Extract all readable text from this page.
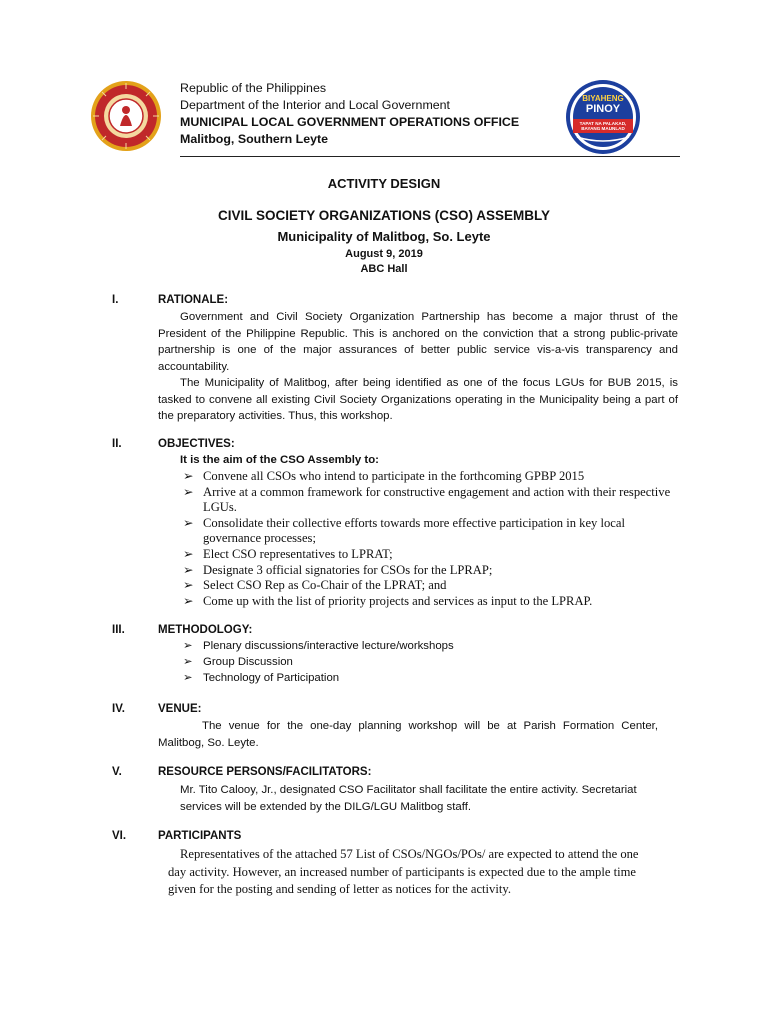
Republic of the Philippines
Department of the Interior and Local Government
MUNICIPAL LOCAL GOVERNMENT OPERATIONS OFFICE
Malitbog, Southern Leyte
BIYAHENG
PINOY
TAPAT NA PALAKAD, BAYANG MAUNLAD
ACTIVITY DESIGN
CIVIL SOCIETY ORGANIZATIONS (CSO) ASSEMBLY
Municipality of Malitbog, So. Leyte
August 9, 2019
ABC Hall
I.	RATIONALE:
Government and Civil Society Organization Partnership has become a major thrust of the President of the Philippine Republic. This is anchored on the conviction that a strong public-private partnership is one of the major assurances of better public service vis-a-vis transparency and accountability.
The Municipality of Malitbog, after being identified as one of the focus LGUs for BUB 2015, is tasked to convene all existing Civil Society Organizations operating in the Municipality being a part of the preparatory activities. Thus, this workshop.
II.	OBJECTIVES:
It is the aim of the CSO Assembly to:
➢ Convene all CSOs who intend to participate in the forthcoming GPBP 2015
➢ Arrive at a common framework for constructive engagement and action with their respective LGUs.
➢ Consolidate their collective efforts towards more effective participation in key local governance processes;
➢ Elect CSO representatives to LPRAT;
➢ Designate 3 official signatories for CSOs for the LPRAP;
➢ Select CSO Rep as Co-Chair of the LPRAT; and
➢ Come up with the list of priority projects and services as input to the LPRAP.
III.	METHODOLOGY:
➢ Plenary discussions/interactive lecture/workshops
➢ Group Discussion
➢ Technology of Participation
IV.	VENUE:
The venue for the one-day planning workshop will be at Parish Formation Center, Malitbog, So. Leyte.
V.	RESOURCE PERSONS/FACILITATORS:
Mr. Tito Calooy, Jr., designated CSO Facilitator shall facilitate the entire activity. Secretariat services will be extended by the DILG/LGU Malitbog staff.
VI.	PARTICIPANTS
Representatives of the attached 57 List of CSOs/NGOs/POs/ are expected to attend the one day activity. However, an increased number of participants is expected due to the ample time given for the posting and sending of letter as notices for the activity.
